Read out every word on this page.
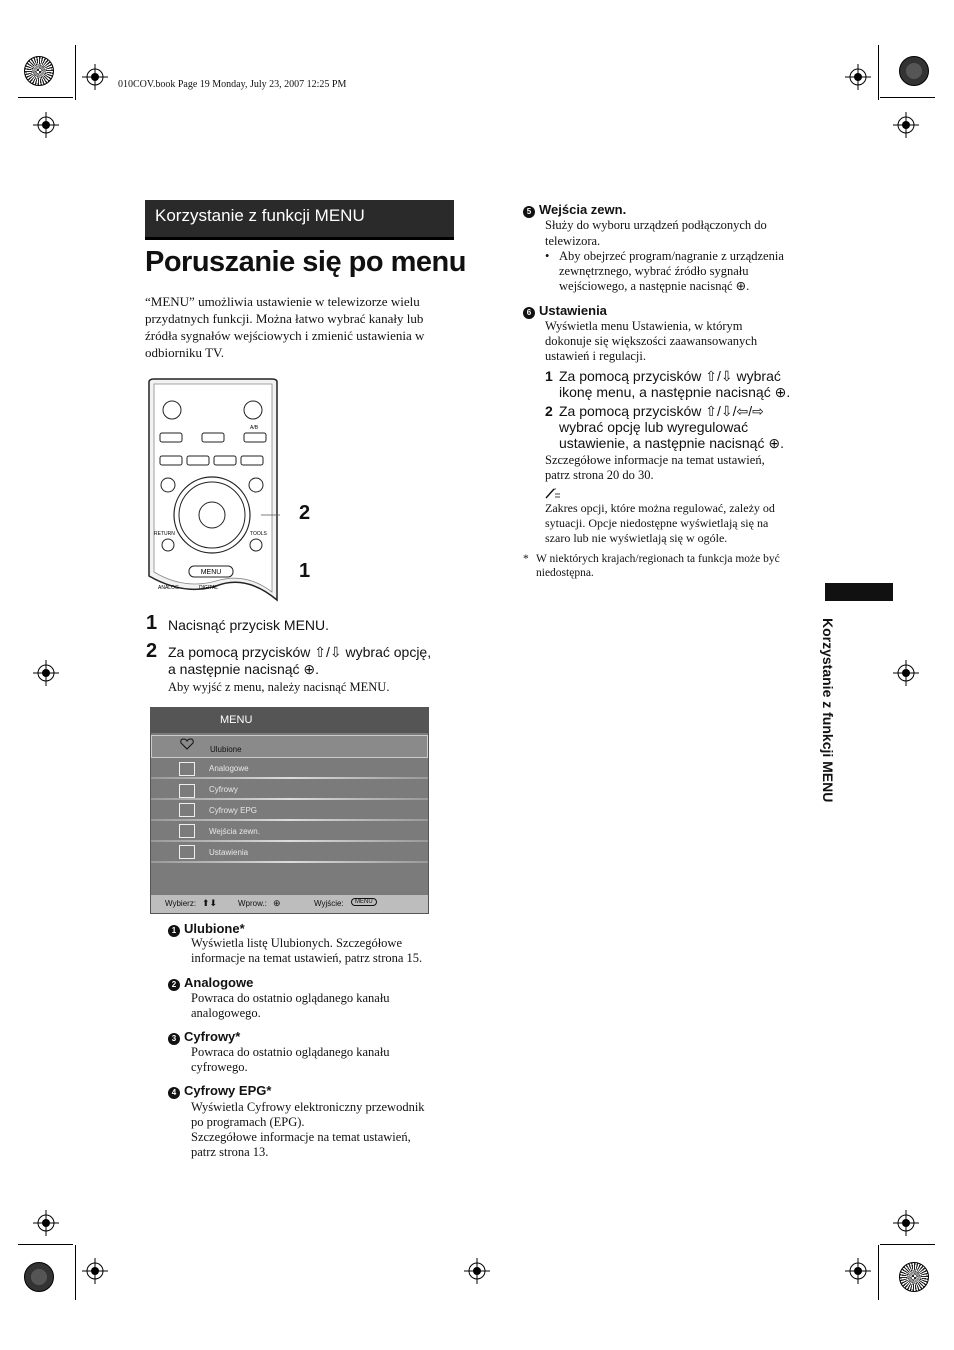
010COV.book Page 19 Monday, July 23, 2007 12:25 PM
Korzystanie z funkcji MENU
Poruszanie się po menu
“MENU” umożliwia ustawienie w telewizorze wielu przydatnych funkcji. Można łatwo wybrać kanały lub źródła sygnałów wejściowych i zmienić ustawienia w odbiorniku TV.
MENU
RETURN	TOOLS
A/B
ANALOG	DIGITAL
2
1
1 Nacisnąć przycisk MENU.
2 Za pomocą przycisków ⇧/⇩ wybrać opcję,
a następnie nacisnąć ⊕.
Aby wyjść z menu, należy nacisnąć MENU.
MENU
Ulubione
Analogowe
Cyfrowy
Cyfrowy EPG
Wejścia zewn.
Ustawienia
Wybierz: ⬆⬇	Wprow.: ⊕	Wyjście:	MENU
1 Ulubione*
Wyświetla listę Ulubionych. Szczegółowe
informacje na temat ustawień, patrz strona 15.
2 Analogowe
Powraca do ostatnio oglądanego kanału
analogowego.
3 Cyfrowy*
Powraca do ostatnio oglądanego kanału
cyfrowego.
4 Cyfrowy EPG*
Wyświetla Cyfrowy elektroniczny przewodnik
po programach (EPG).
Szczegółowe informacje na temat ustawień,
patrz strona 13.
5 Wejścia zewn.
Służy do wyboru urządzeń podłączonych do
telewizora.
• Aby obejrzeć program/nagranie z urządzenia
zewnętrznego, wybrać źródło sygnału
wejściowego, a następnie nacisnąć ⊕.
6 Ustawienia
Wyświetla menu Ustawienia, w którym
dokonuje się większości zaawansowanych
ustawień i regulacji.
1 Za pomocą przycisków ⇧/⇩ wybrać
ikonę menu, a następnie nacisnąć ⊕.
2 Za pomocą przycisków ⇧/⇩/⇦/⇨
wybrać opcję lub wyregulować
ustawienie, a następnie nacisnąć ⊕.
Szczegółowe informacje na temat ustawień,
patrz strona 20 do 30.
Zakres opcji, które można regulować, zależy od
sytuacji. Opcje niedostępne wyświetlają się na
szaro lub nie wyświetlają się w ogóle.
* W niektórych krajach/regionach ta funkcja może być
niedostępna.
Korzystanie z funkcji MENU
